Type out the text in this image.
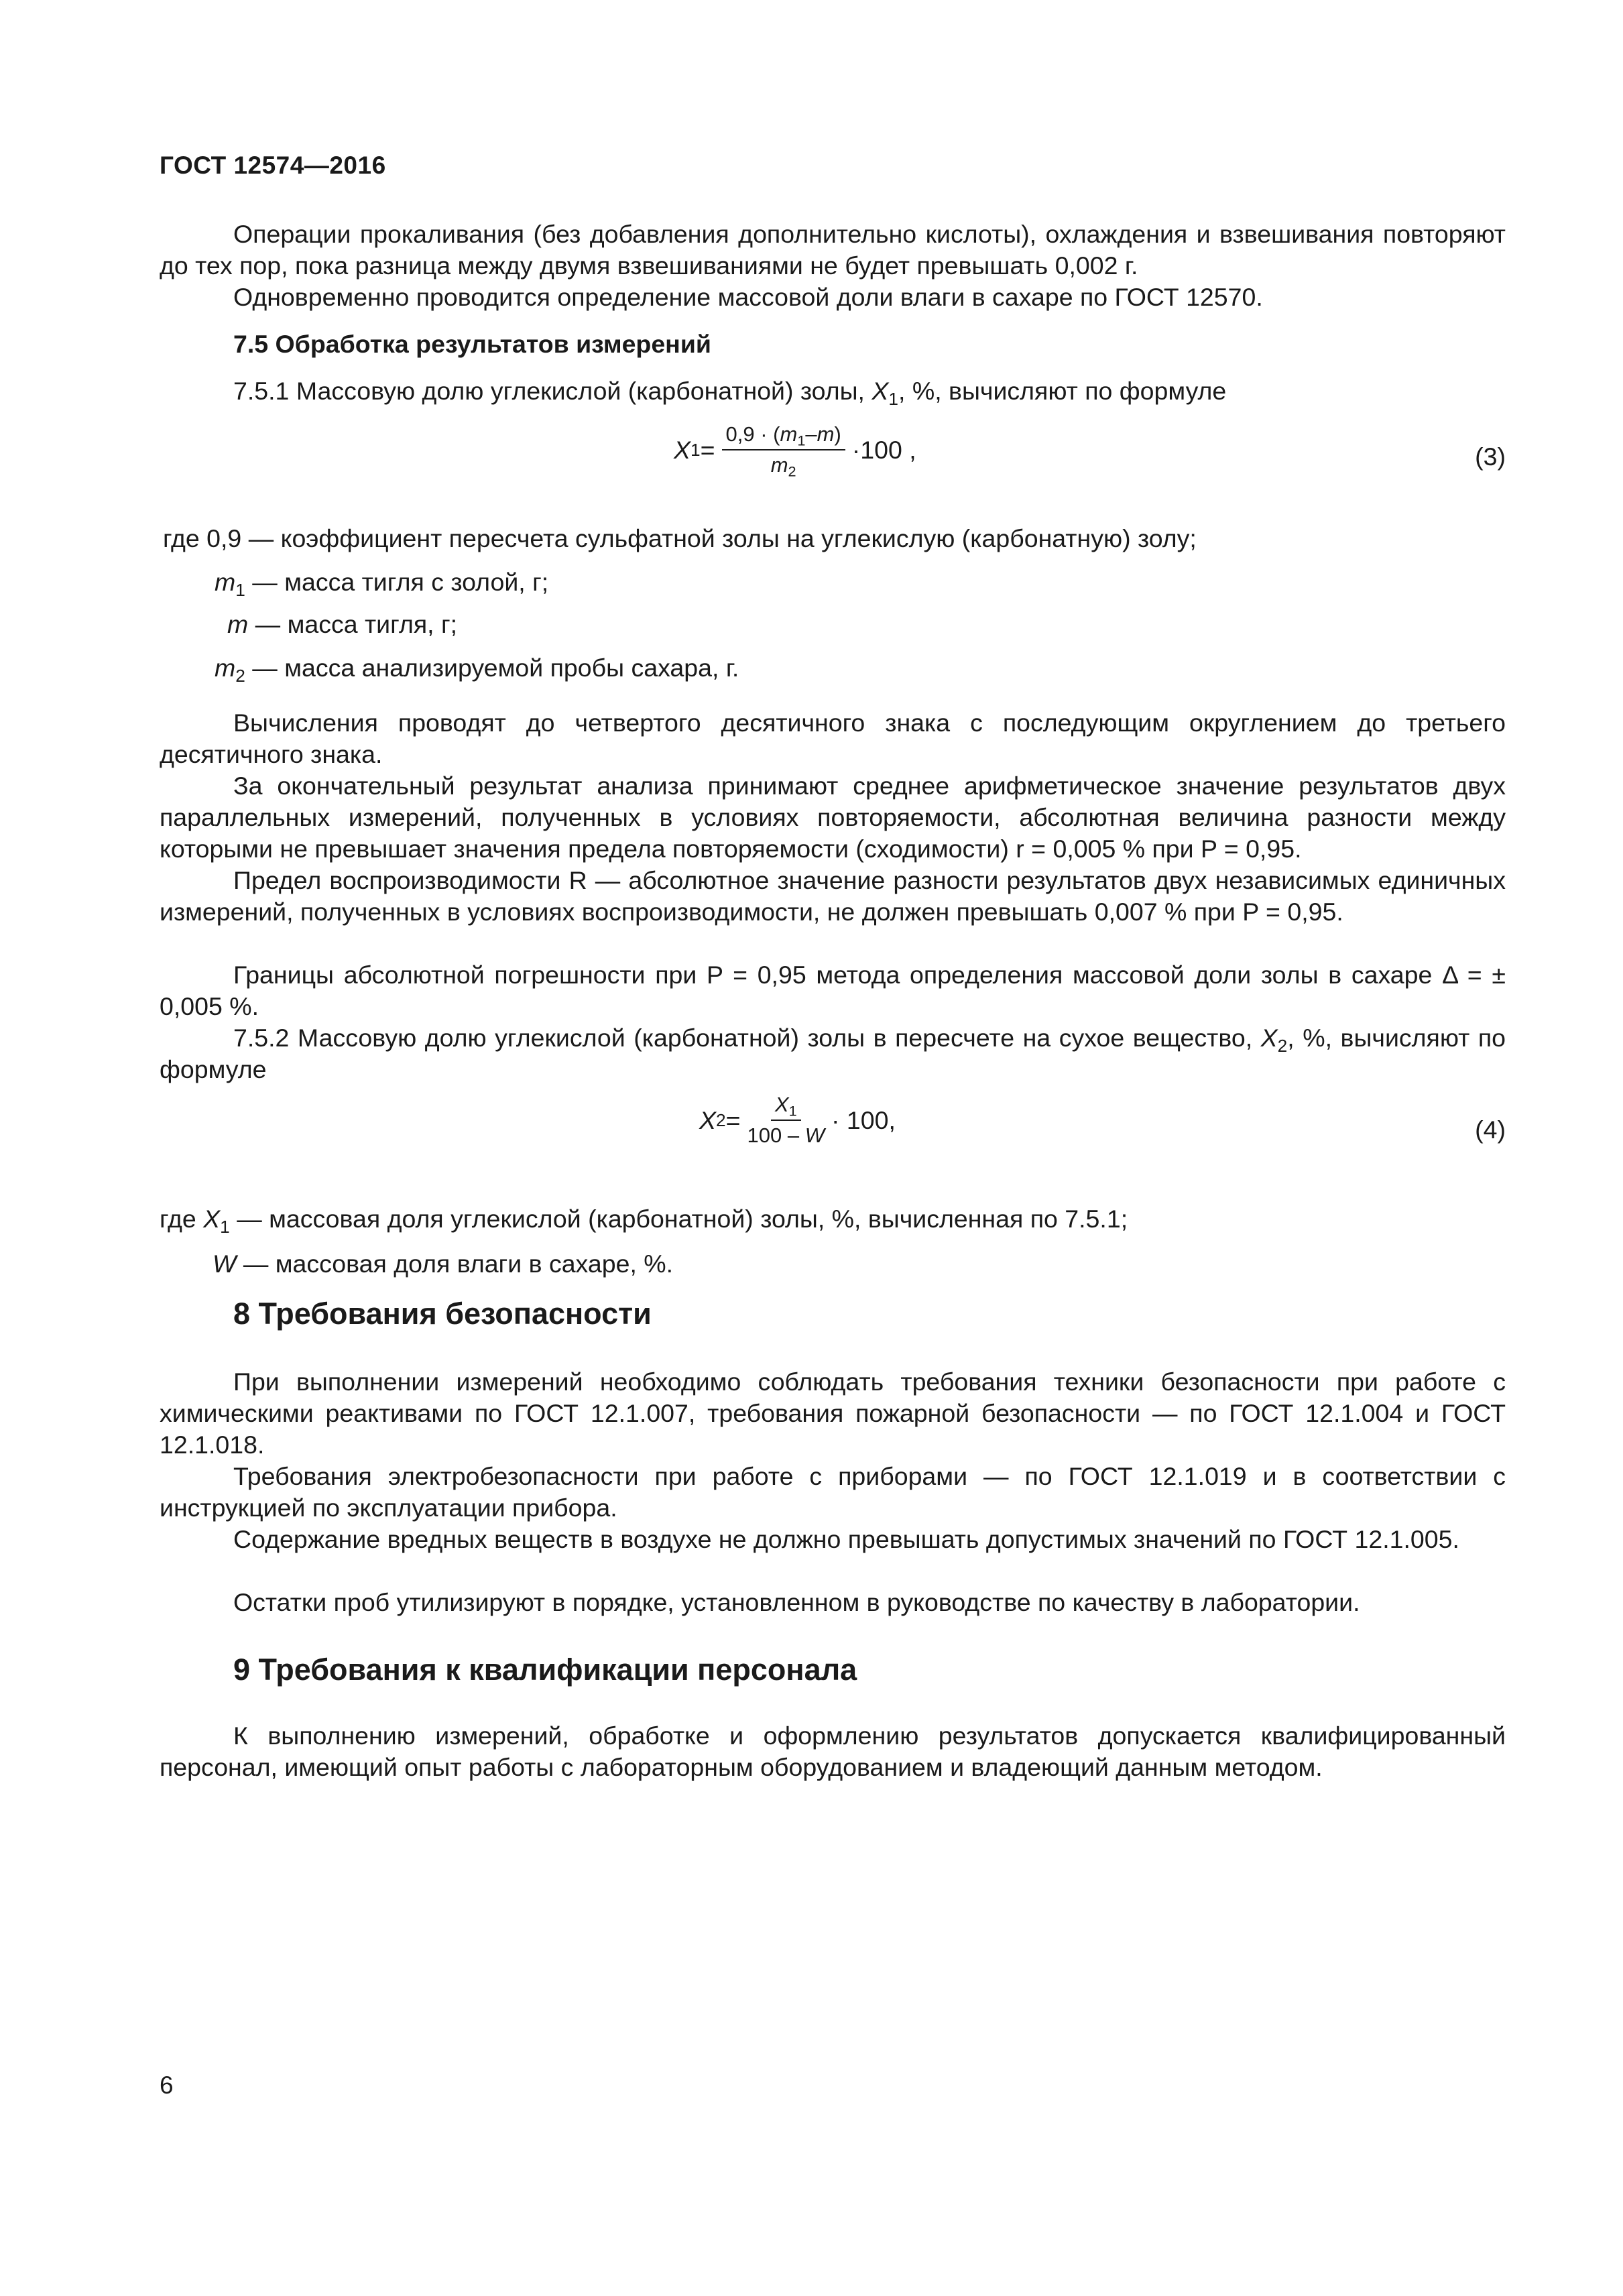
ГОСТ 12574—2016
Операции прокаливания (без добавления дополнительно кислоты), охлаждения и взвешивания повторяют до тех пор, пока разница между двумя взвешиваниями не будет превышать 0,002 г.
Одновременно проводится определение массовой доли влаги в сахаре по ГОСТ 12570.
7.5 Обработка результатов измерений
7.5.1 Массовую долю углекислой (карбонатной) золы, $X_1$, %, вычисляют по формуле
X $1 = \frac{0,9 \cdot (m_1-m)}{m_2} \cdot 100$ ,	(3)
где 0,9 — коэффициент пересчета сульфатной золы на углекислую (карбонатную) золу;
$m_1$ — масса тигля с золой, г;
m — масса тигля, г;
$m_2$ — масса анализируемой пробы сахара, г.
Вычисления проводят до четвертого десятичного знака с последующим округлением до третьего десятичного знака.
За окончательный результат анализа принимают среднее арифметическое значение результатов двух параллельных измерений, полученных в условиях повторяемости, абсолютная величина разности между которыми не превышает значения предела повторяемости (сходимости) r = 0,005 % при P = 0,95.
Предел воспроизводимости R — абсолютное значение разности результатов двух независимых единичных измерений, полученных в условиях воспроизводимости, не должен превышать 0,007 % при P = 0,95.
Границы абсолютной погрешности при P = 0,95 метода определения массовой доли золы в сахаре Δ = ± 0,005 %.
7.5.2 Массовую долю углекислой (карбонатной) золы в пересчете на сухое вещество, $X_2$, %, вычисляют по формуле
X $2 = \frac{X_1}{100 - W} \cdot 100$,	(4)
где $X_1$ — массовая доля углекислой (карбонатной) золы, %, вычисленная по 7.5.1;
W — массовая доля влаги в сахаре, %.
8 Требования безопасности
При выполнении измерений необходимо соблюдать требования техники безопасности при работе с химическими реактивами по ГОСТ 12.1.007, требования пожарной безопасности — по ГОСТ 12.1.004 и ГОСТ 12.1.018.
Требования электробезопасности при работе с приборами — по ГОСТ 12.1.019 и в соответствии с инструкцией по эксплуатации прибора.
Содержание вредных веществ в воздухе не должно превышать допустимых значений по ГОСТ 12.1.005.
Остатки проб утилизируют в порядке, установленном в руководстве по качеству в лаборатории.
9 Требования к квалификации персонала
К выполнению измерений, обработке и оформлению результатов допускается квалифицированный персонал, имеющий опыт работы с лабораторным оборудованием и владеющий данным методом.
6
